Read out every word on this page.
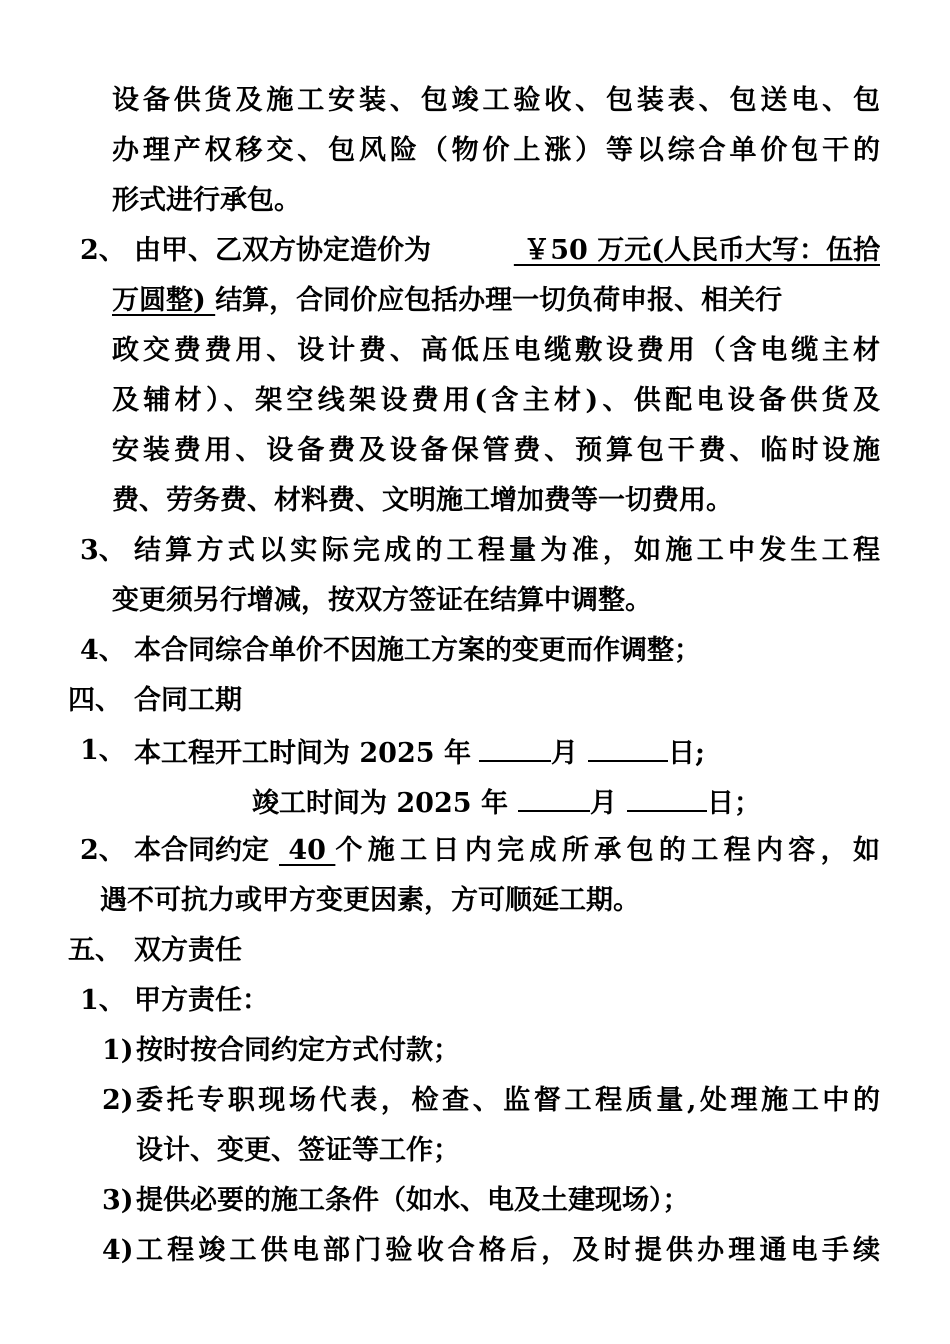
设备供货及施工安装、包竣工验收、包装表、包送电、包
办理产权移交、包风险（物价上涨）等以综合单价包干的
形式进行承包。
2、 由甲、乙双方协定造价为	￥50 万元(人民币大写：伍拾
万圆整) 结算，合同价应包括办理一切负荷申报、相关行
政交费费用、设计费、高低压电缆敷设费用（含电缆主材
及辅材）、架空线架设费用(含主材)、供配电设备供货及
安装费用、设备费及设备保管费、预算包干费、临时设施
费、劳务费、材料费、文明施工增加费等一切费用。
3、 结算方式以实际完成的工程量为准，如施工中发生工程
变更须另行增减，按双方签证在结算中调整。
4、 本合同综合单价不因施工方案的变更而作调整；
四、 合同工期
1、 本工程开工时间为 2025 年	月	日;
竣工时间为 2025 年	月	日；
2、 本合同约定 40 个施工日内完成所承包的工程内容，如
遇不可抗力或甲方变更因素，方可顺延工期。
五、 双方责任
1、 甲方责任：
1) 按时按合同约定方式付款；
2) 委托专职现场代表，检查、监督工程质量,处理施工中的
设计、变更、签证等工作；
3) 提供必要的施工条件（如水、电及土建现场）；
4) 工程竣工供电部门验收合格后，及时提供办理通电手续
